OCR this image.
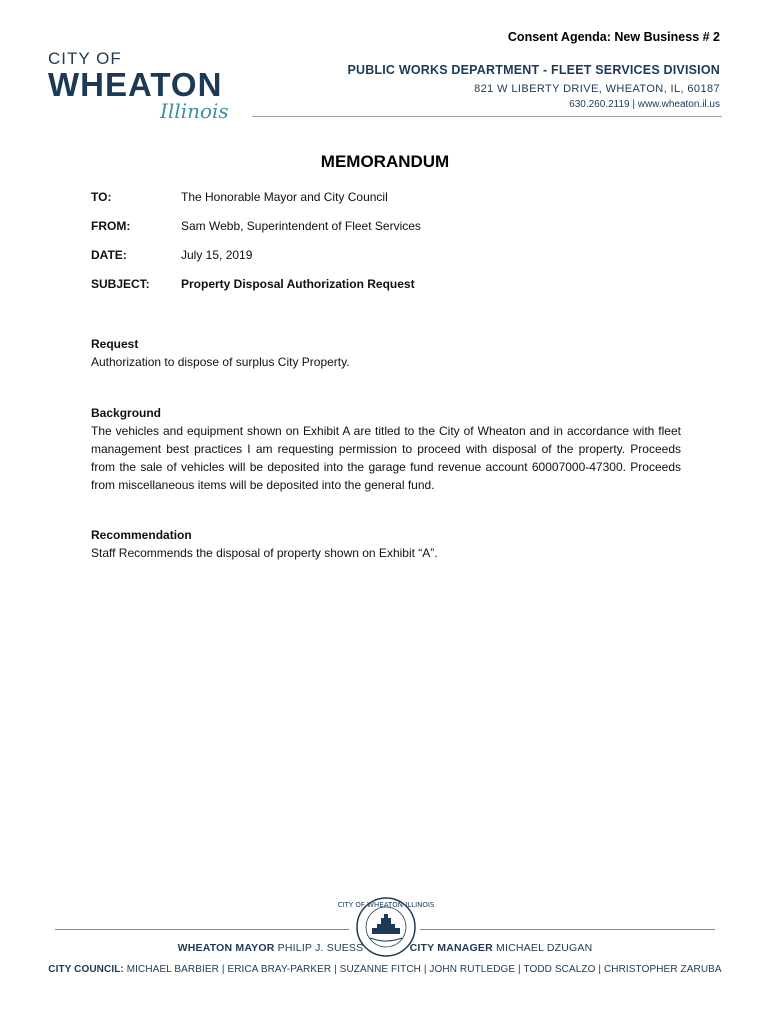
Consent Agenda: New Business # 2
CITY OF
WHEATON
Illinois
PUBLIC WORKS DEPARTMENT - FLEET SERVICES DIVISION
821 W LIBERTY DRIVE, WHEATON, IL, 60187
630.260.2119 | www.wheaton.il.us
MEMORANDUM
TO:	The Honorable Mayor and City Council
FROM:	Sam Webb, Superintendent of Fleet Services
DATE:	July 15, 2019
SUBJECT:	Property Disposal Authorization Request
Request

Authorization to dispose of surplus City Property.

Background

The vehicles and equipment shown on Exhibit A are titled to the City of Wheaton and in accordance with fleet management best practices I am requesting permission to proceed with disposal of the property. Proceeds from the sale of vehicles will be deposited into the garage fund revenue account 60007000-47300. Proceeds from miscellaneous items will be deposited into the general fund.

Recommendation

Staff Recommends the disposal of property shown on Exhibit “A”.

CITY OF WHEATON ILLINOIS
WHEATON MAYOR PHILIP J. SUESS	CITY MANAGER MICHAEL DZUGAN
CITY COUNCIL: MICHAEL BARBIER | ERICA BRAY-PARKER | SUZANNE FITCH | JOHN RUTLEDGE | TODD SCALZO | CHRISTOPHER ZARUBA
